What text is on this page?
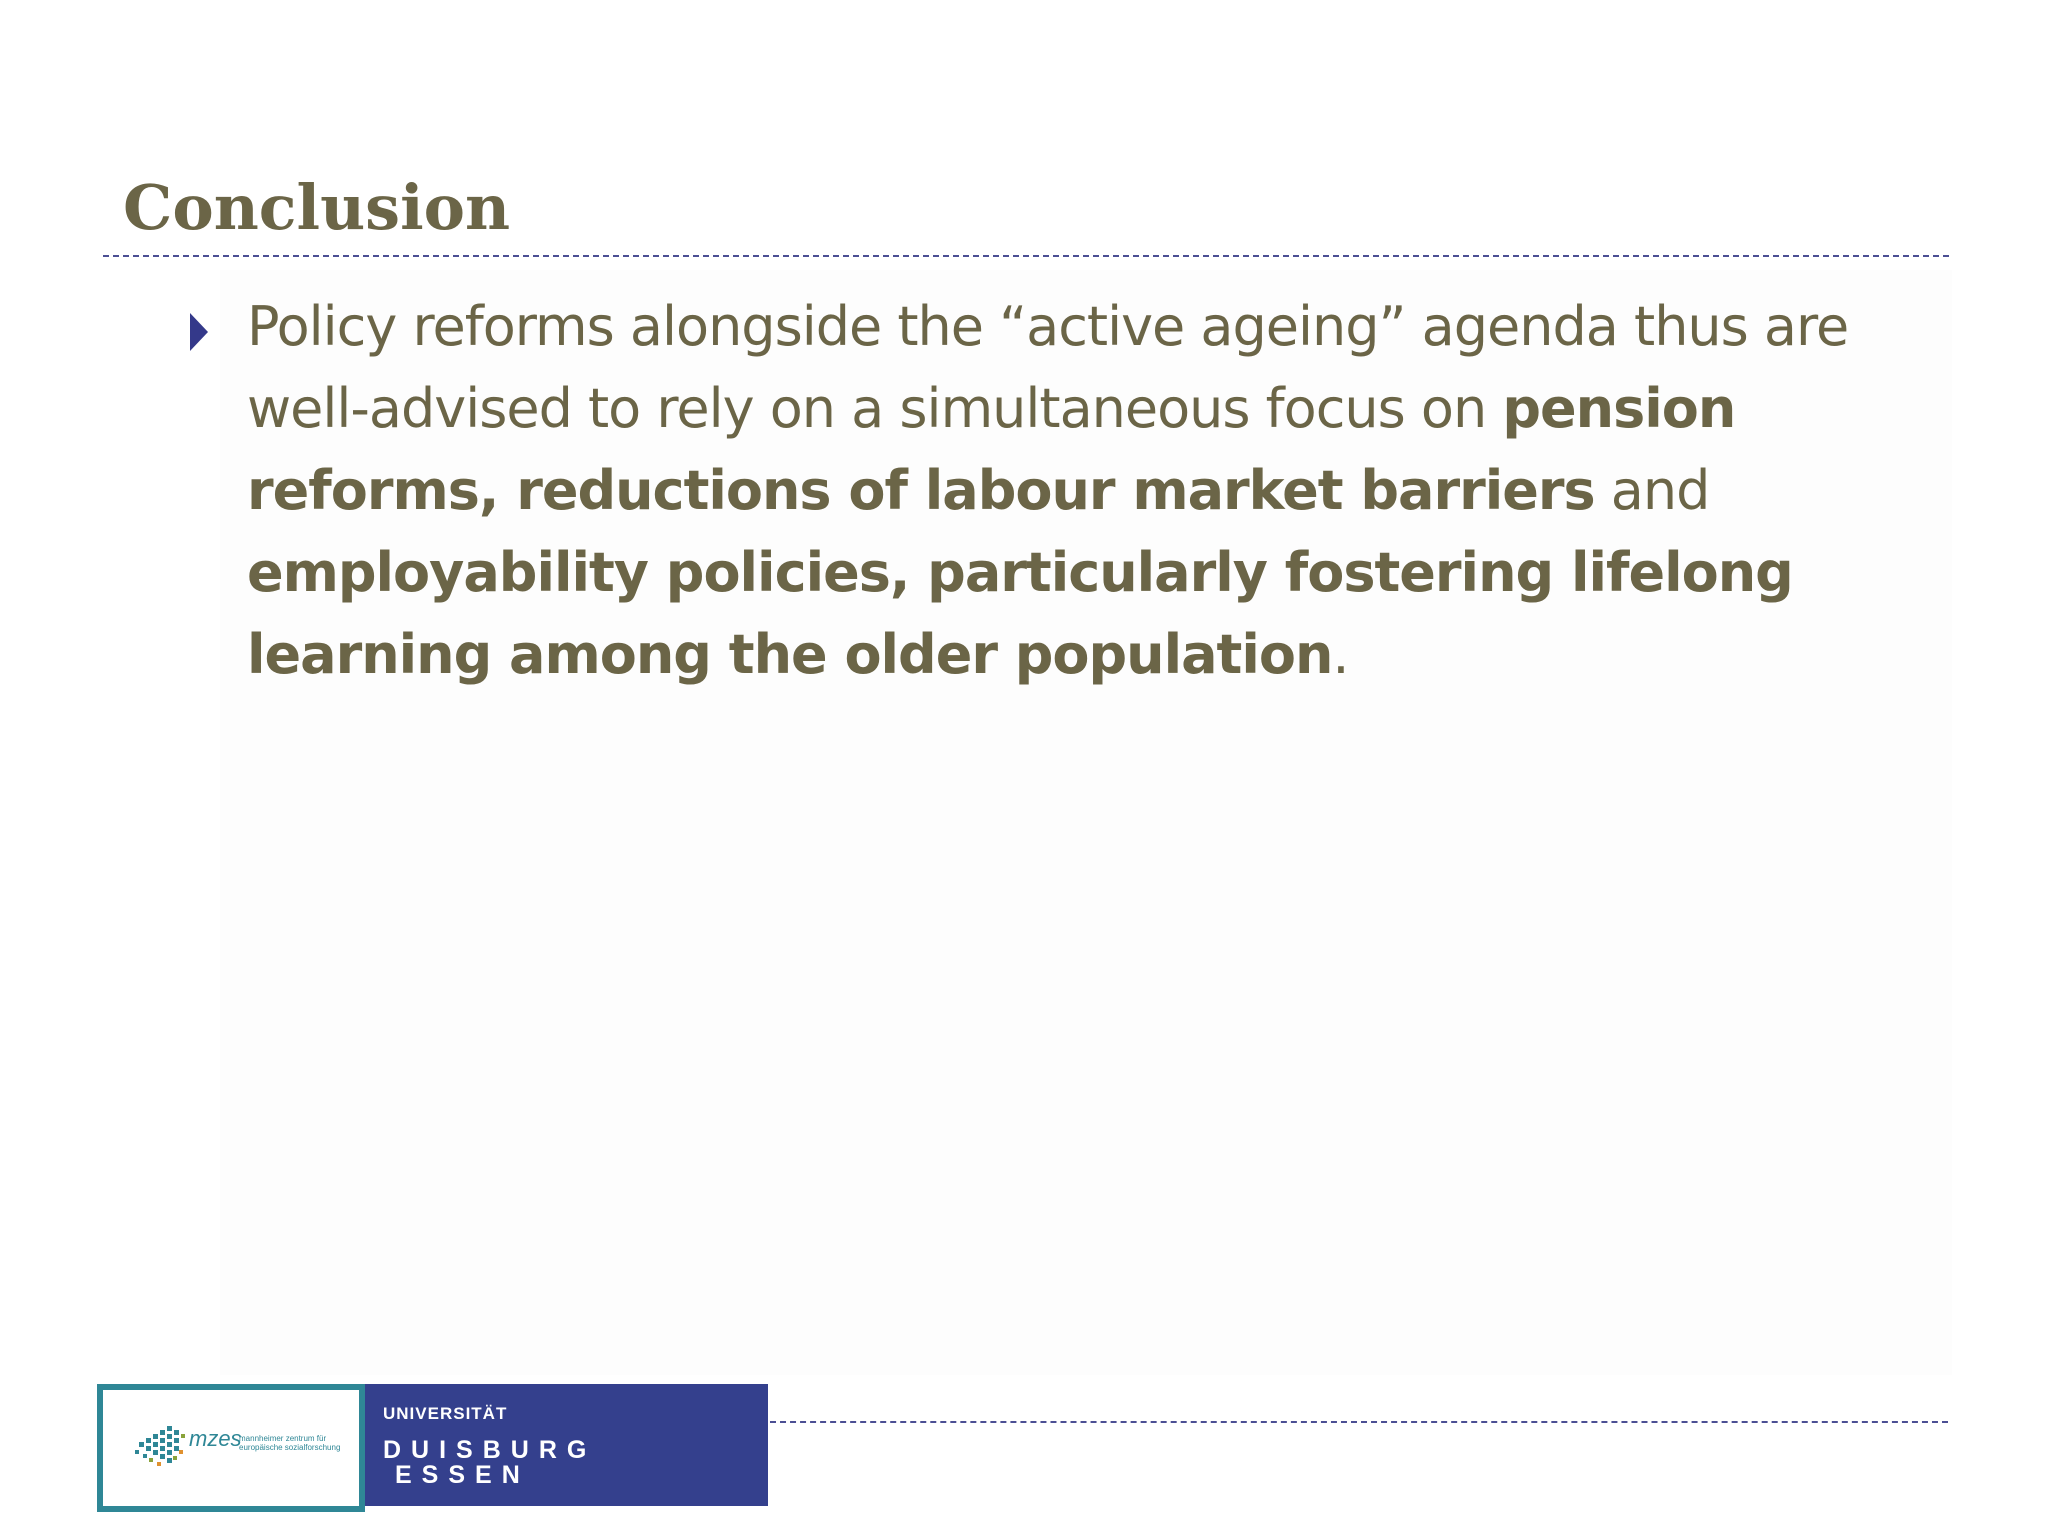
Conclusion

Policy reforms alongside the “active ageing” agenda thus are well-advised to rely on a simultaneous focus on pension reforms, reductions of labour market barriers and employability policies, particularly fostering lifelong learning among the older population.

mzes
mannheimer zentrum für europäische sozialforschung
UNIVERSITÄT
DUISBURG
ESSEN
